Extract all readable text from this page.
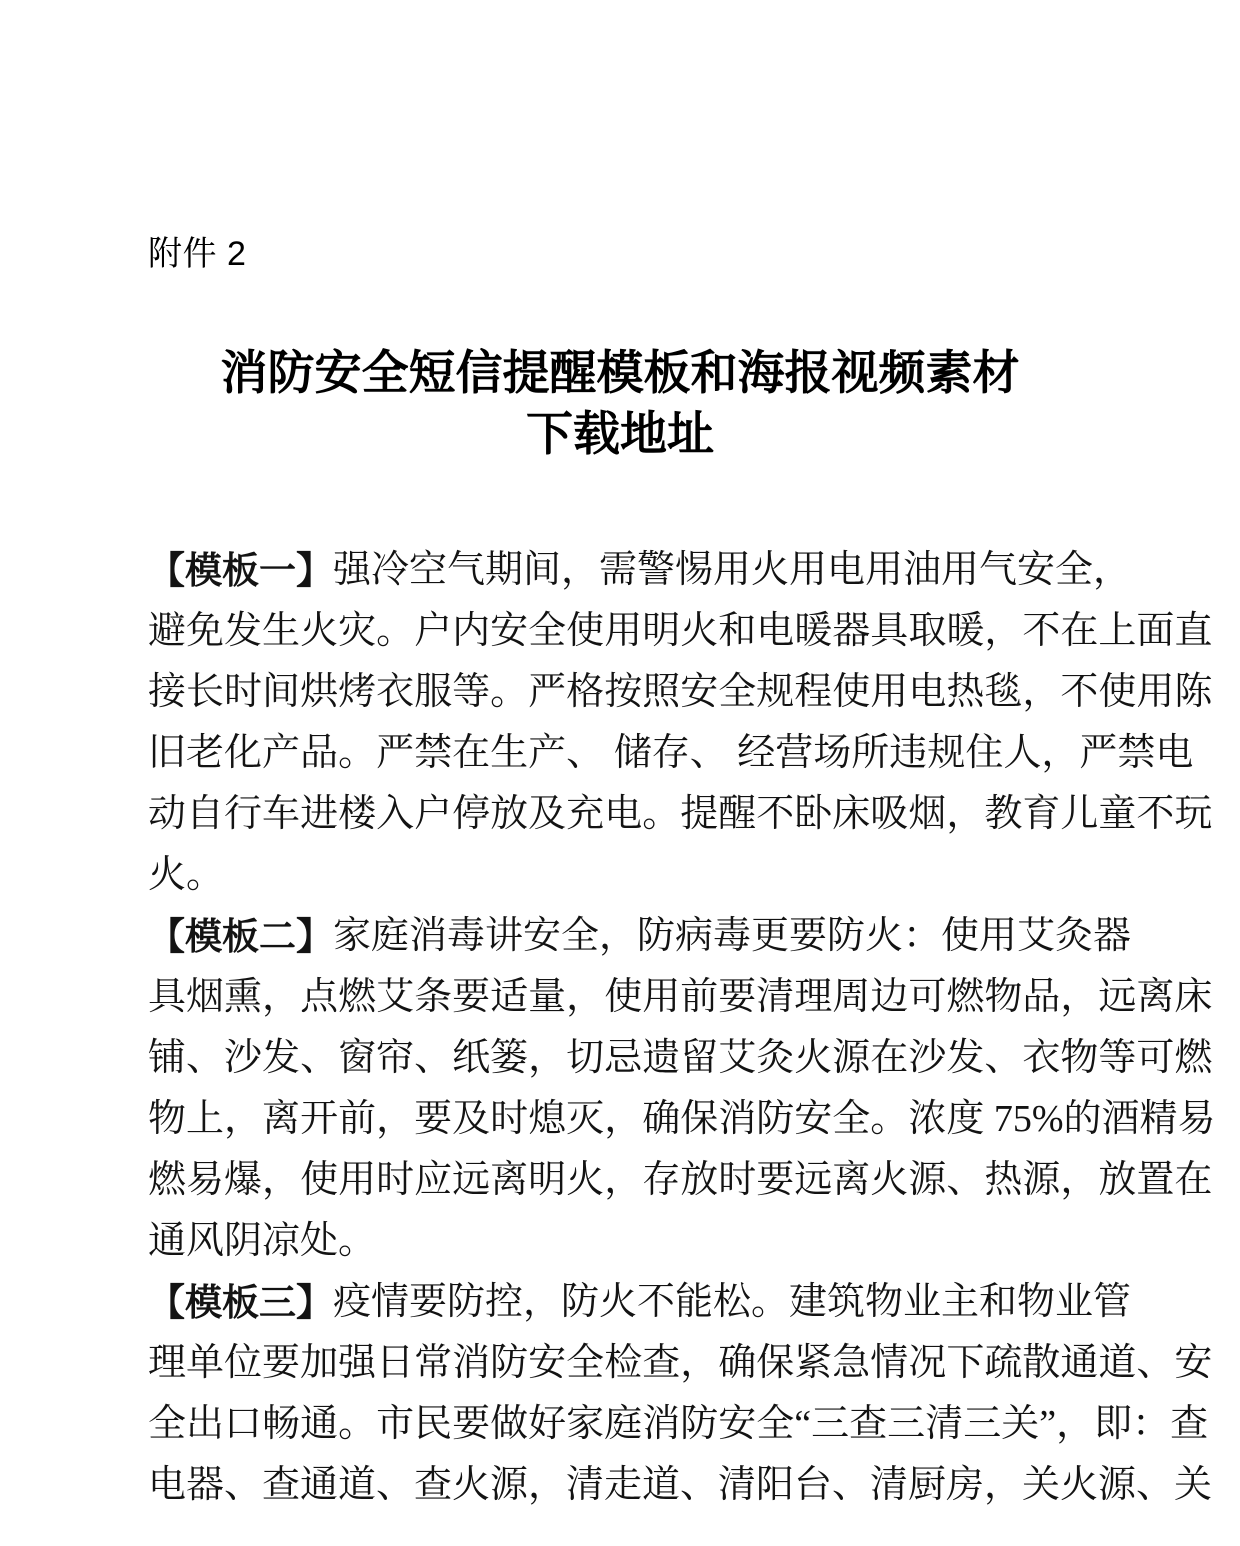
附件 2
消防安全短信提醒模板和海报视频素材
下载地址
【模板一】 强冷空气期间，需警惕用火用电用油用气安全，
避 免 发 生 火 灾 。 户 内 安 全 使 用 明 火 和 电 暖 器 具 取 暖 ， 不 在 上 面 直
接 长 时 间 烘 烤 衣 服 等 。 严 格 按 照 安 全 规 程 使 用 电 热 毯 ， 不 使 用 陈
旧 老 化 产 品 。 严 禁 在 生 产 、
储 存 、
经 营 场 所 违 规 住 人 ， 严 禁 电
动 自 行 车 进 楼 入 户 停 放 及 充 电 。 提 醒 不 卧 床 吸 烟 ， 教 育 儿 童 不 玩
火。
【模板二】 家庭消毒讲安全，防病毒更要防火：使用艾灸器
具 烟 熏 ， 点 燃 艾 条 要 适 量 ， 使 用 前 要 清 理 周 边 可 燃 物 品 ， 远 离 床
铺 、 沙 发 、 窗 帘 、 纸 篓 ， 切 忌 遗 留 艾 灸 火 源 在 沙 发 、 衣 物 等 可 燃
物 上 ， 离 开 前 ， 要 及 时 熄 灭 ， 确 保 消 防 安 全 。 浓 度
7 5 % 的 酒 精 易
燃 易 爆 ， 使 用 时 应 远 离 明 火 ， 存 放 时 要 远 离 火 源 、 热 源 ， 放 置 在
通风阴凉处。
【模板三】 疫情要防控，防火不能松。建筑物业主和物业管
理 单 位 要 加 强 日 常 消 防 安 全 检 查 ， 确 保 紧 急 情 况 下 疏 散 通 道 、 安
全 出 口 畅 通 。 市 民 要 做 好 家 庭 消 防 安 全 “ 三 查 三 清 三 关 ” ， 即 ： 查
电器、查通道、查火源，清走道、清阳台、清厨房，关火源、关
